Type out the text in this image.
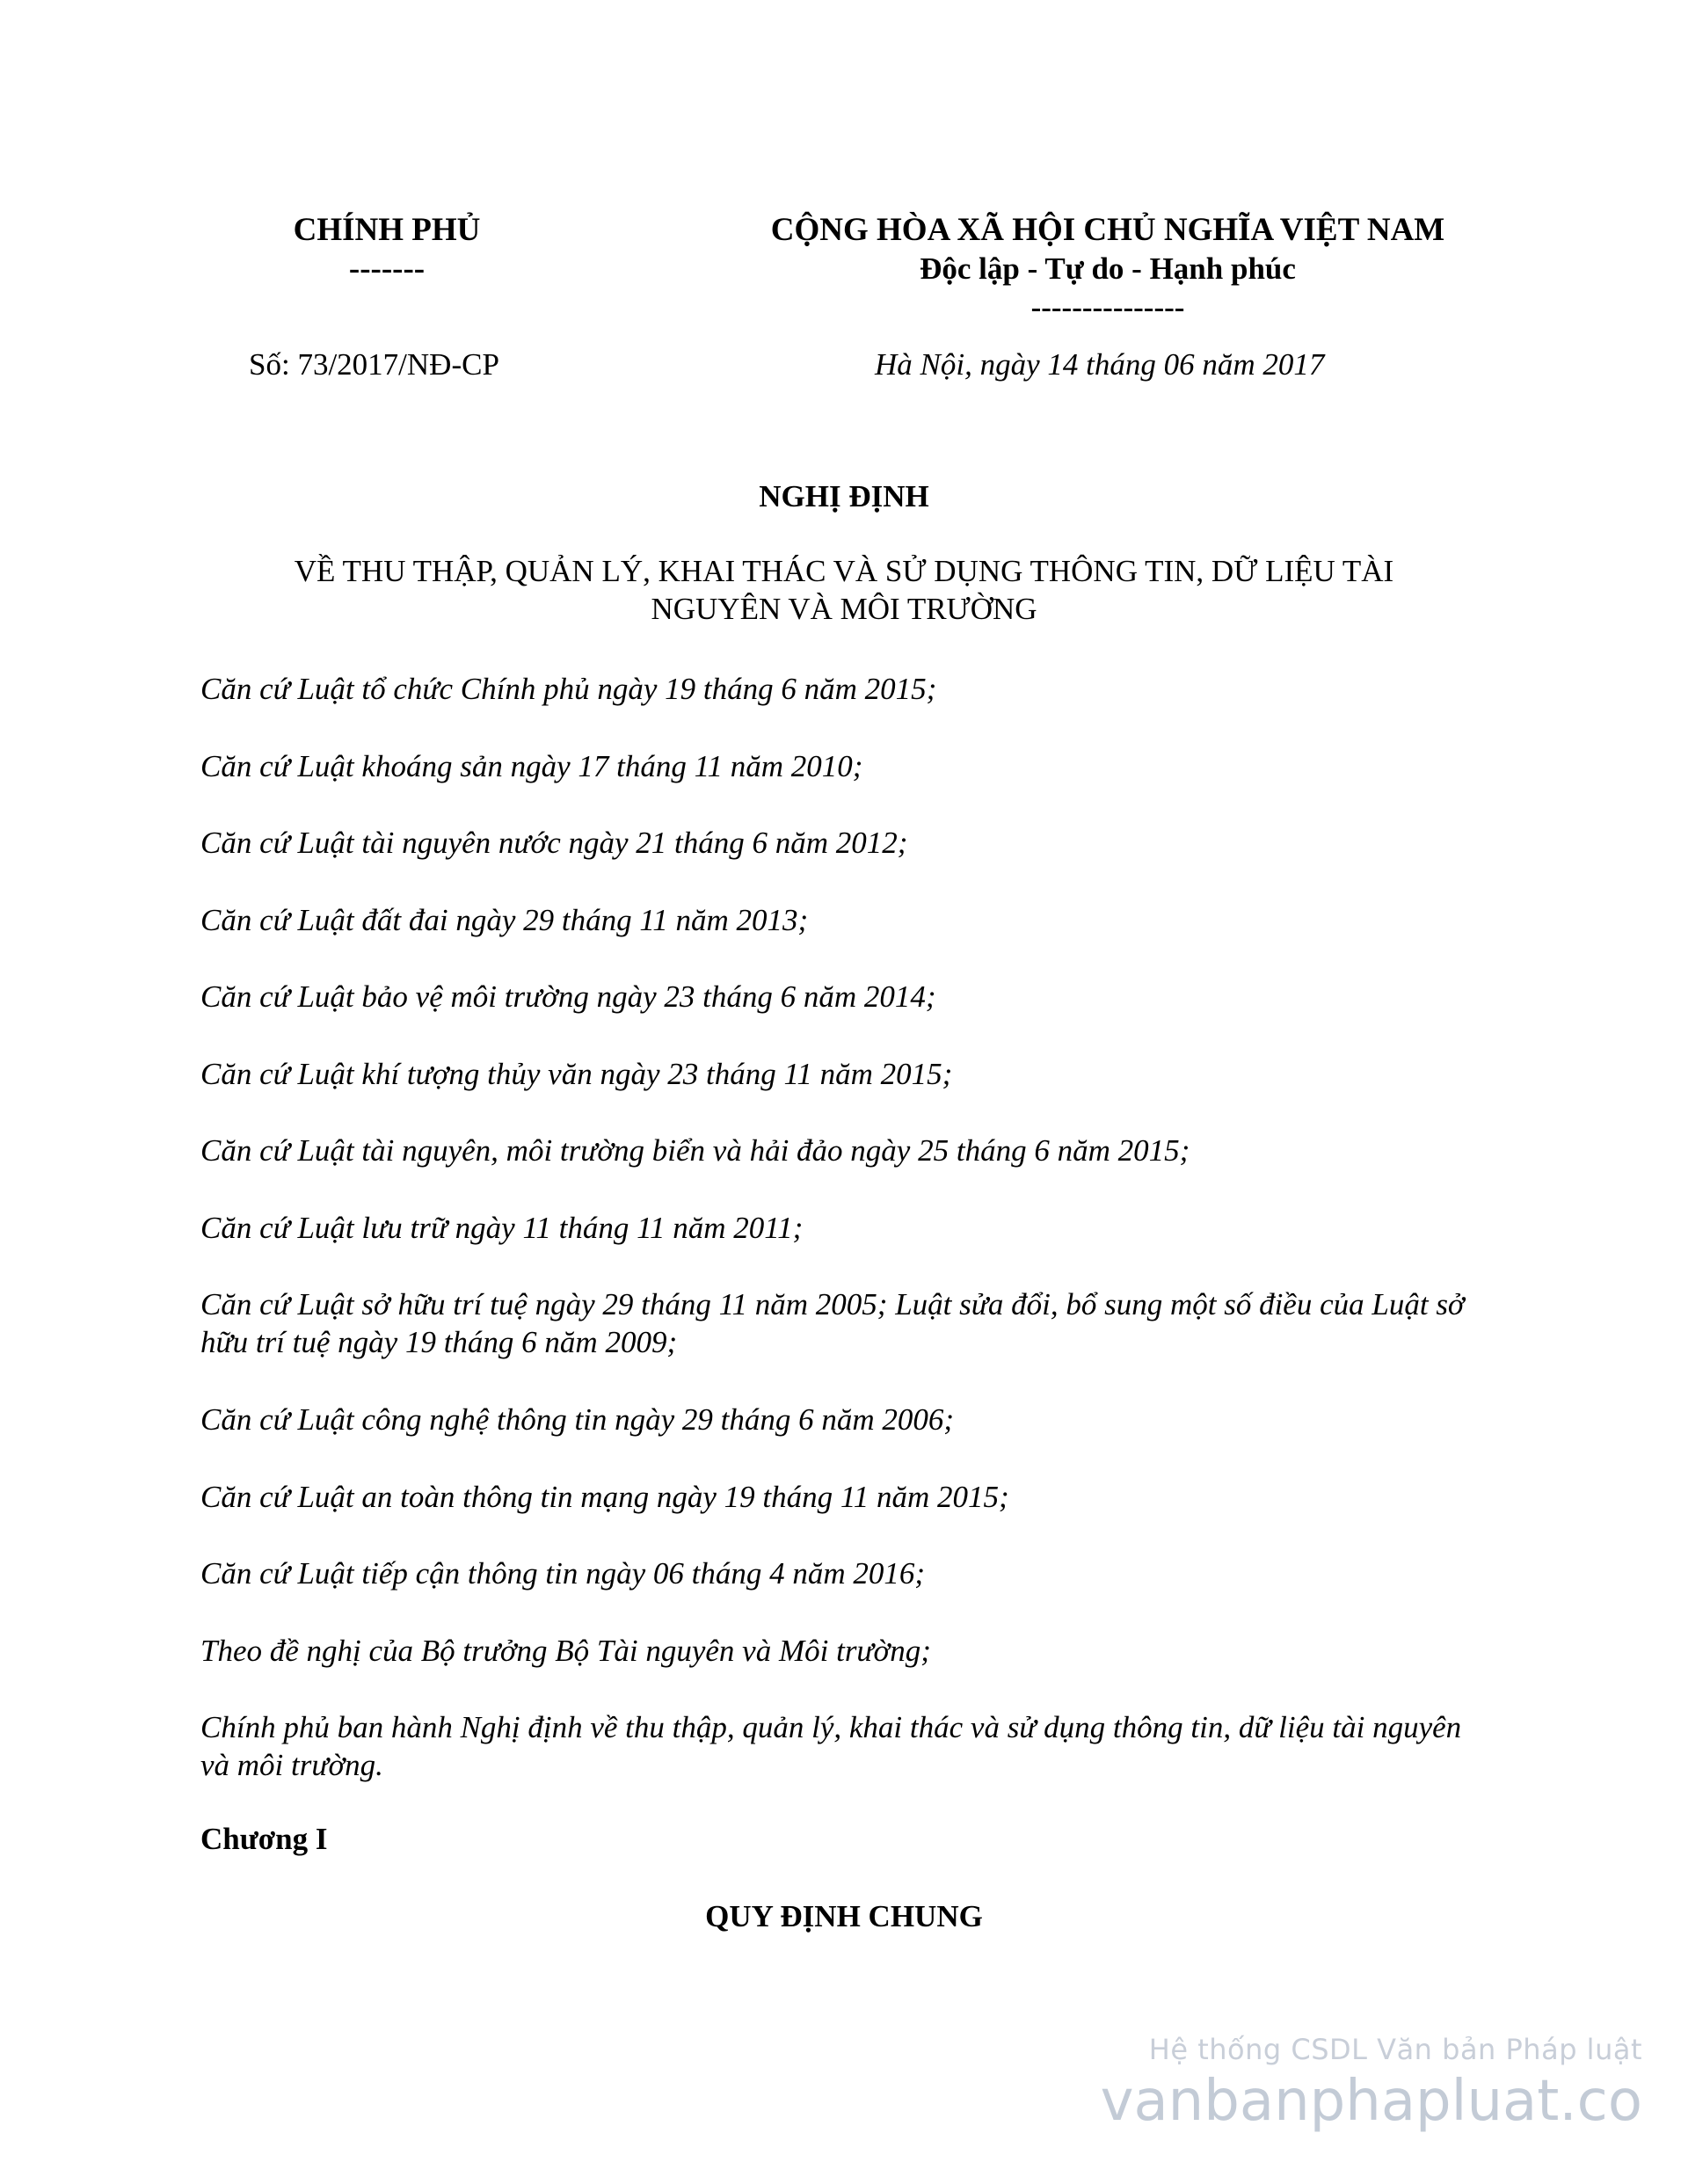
CHÍNH PHỦ
-------
CỘNG HÒA XÃ HỘI CHỦ NGHĨA VIỆT NAM
Độc lập - Tự do - Hạnh phúc
---------------
Số: 73/2017/NĐ-CP	Hà Nội, ngày 14 tháng 06 năm 2017
NGHỊ ĐỊNH
VỀ THU THẬP, QUẢN LÝ, KHAI THÁC VÀ SỬ DỤNG THÔNG TIN, DỮ LIỆU TÀI
NGUYÊN VÀ MÔI TRƯỜNG

Căn cứ Luật tổ chức Chính phủ ngày 19 tháng 6 năm 2015;

Căn cứ Luật khoáng sản ngày 17 tháng 11 năm 2010;

Căn cứ Luật tài nguyên nước ngày 21 tháng 6 năm 2012;

Căn cứ Luật đất đai ngày 29 tháng 11 năm 2013;

Căn cứ Luật bảo vệ môi trường ngày 23 tháng 6 năm 2014;

Căn cứ Luật khí tượng thủy văn ngày 23 tháng 11 năm 2015;

Căn cứ Luật tài nguyên, môi trường biển và hải đảo ngày 25 tháng 6 năm 2015;

Căn cứ Luật lưu trữ ngày 11 tháng 11 năm 2011;

Căn cứ Luật sở hữu trí tuệ ngày 29 tháng 11 năm 2005; Luật sửa đổi, bổ sung một số điều của Luật sở hữu trí tuệ ngày 19 tháng 6 năm 2009;

Căn cứ Luật công nghệ thông tin ngày 29 tháng 6 năm 2006;

Căn cứ Luật an toàn thông tin mạng ngày 19 tháng 11 năm 2015;

Căn cứ Luật tiếp cận thông tin ngày 06 tháng 4 năm 2016;

Theo đề nghị của Bộ trưởng Bộ Tài nguyên và Môi trường;

Chính phủ ban hành Nghị định về thu thập, quản lý, khai thác và sử dụng thông tin, dữ liệu tài nguyên và môi trường.

Chương I
QUY ĐỊNH CHUNG
Hệ thống CSDL Văn bản Pháp luật
vanbanphapluat.co
